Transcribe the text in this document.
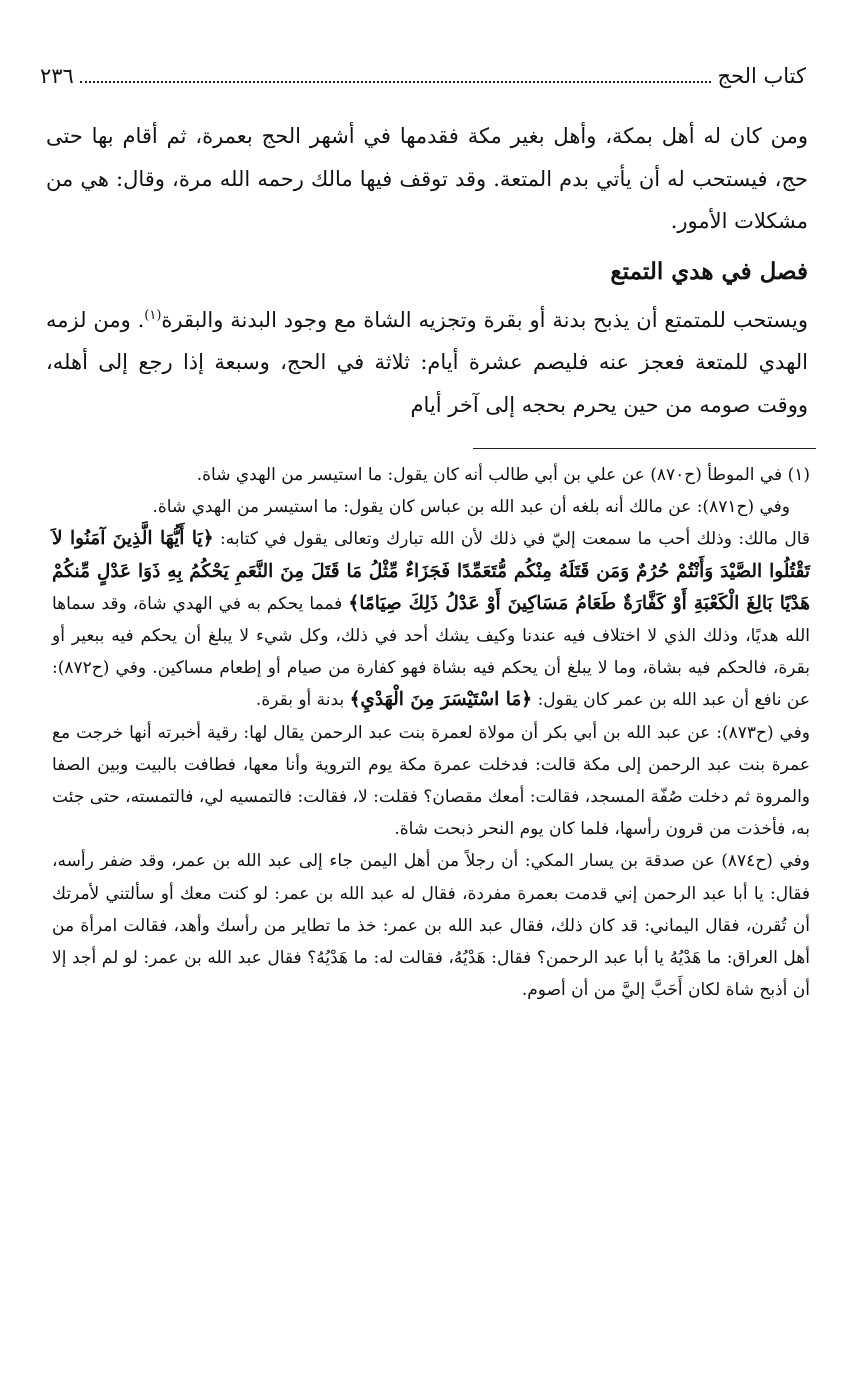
كتاب الحج
٢٣٦

ومن كان له أهل بمكة، وأهل بغير مكة فقدمها في أشهر الحج بعمرة، ثم أقام بها حتى حج، فيستحب له أن يأتي بدم المتعة. وقد توقف فيها مالك رحمه الله مرة، وقال: هي من مشكلات الأمور.

فصل في هدي التمتع

ويستحب للمتمتع أن يذبح بدنة أو بقرة وتجزيه الشاة مع وجود البدنة والبقرة$^{(١)}$. ومن لزمه الهدي للمتعة فعجز عنه فليصم عشرة أيام: ثلاثة في الحج، وسبعة إذا رجع إلى أهله، ووقت صومه من حين يحرم بحجه إلى آخر أيام

(١) في الموطأ (ح٨٧٠) عن علي بن أبي طالب أنه كان يقول: ما استيسر من الهدي شاة.

وفي (ح٨٧١): عن مالك أنه بلغه أن عبد الله بن عباس كان يقول: ما استيسر من الهدي شاة.

قال مالك: وذلك أحب ما سمعت إليّ في ذلك لأن الله تبارك وتعالى يقول في كتابه: ﴿يَا أَيُّهَا الَّذِينَ آمَنُوا لاَ تَقْتُلُوا الصَّيْدَ وَأَنْتُمْ حُرُمٌ وَمَن قَتَلَهُ مِنْكُم مُّتَعَمِّدًا فَجَزَاءٌ مِّثْلُ مَا قَتَلَ مِنَ النَّعَمِ يَحْكُمُ بِهِ ذَوَا عَدْلٍ مِّنكُمْ هَدْيًا بَالِغَ الْكَعْبَةِ أَوْ كَفَّارَةٌ طَعَامُ مَسَاكِينَ أَوْ عَدْلُ ذَلِكَ صِيَامًا﴾ فمما يحكم به في الهدي شاة، وقد سماها الله هديًا، وذلك الذي لا اختلاف فيه عندنا وكيف يشك أحد في ذلك، وكل شيء لا يبلغ أن يحكم فيه ببعير أو بقرة، فالحكم فيه بشاة، وما لا يبلغ أن يحكم فيه بشاة فهو كفارة من صيام أو إطعام مساكين. وفي (ح٨٧٢): عن نافع أن عبد الله بن عمر كان يقول: ﴿مَا اسْتَيْسَرَ مِنَ الْهَدْيِ﴾ بدنة أو بقرة.

وفي (ح٨٧٣): عن عبد الله بن أبي بكر أن مولاة لعمرة بنت عبد الرحمن يقال لها: رقية أخبرته أنها خرجت مع عمرة بنت عبد الرحمن إلى مكة قالت: فدخلت عمرة مكة يوم التروية وأنا معها، فطافت بالبيت وبين الصفا والمروة ثم دخلت صُفّة المسجد، فقالت: أمعك مقصان؟ فقلت: لا، فقالت: فالتمسيه لي، فالتمسته، حتى جئت به، فأخذت من قرون رأسها، فلما كان يوم النحر ذبحت شاة.

وفي (ح٨٧٤) عن صدقة بن يسار المكي: أن رجلاً من أهل اليمن جاء إلى عبد الله بن عمر، وقد ضفر رأسه، فقال: يا أبا عبد الرحمن إني قدمت بعمرة مفردة، فقال له عبد الله بن عمر: لو كنت معك أو سألتني لأمرتك أن تُقرن، فقال اليماني: قد كان ذلك، فقال عبد الله بن عمر: خذ ما تطاير من رأسك وأهد، فقالت امرأة من أهل العراق: ما هَدْيُهُ يا أبا عبد الرحمن؟ فقال: هَدْيُهُ، فقالت له: ما هَدْيُهُ؟ فقال عبد الله بن عمر: لو لم أجد إلا أن أذبح شاة لكان أَحَبَّ إليَّ من أن أصوم.
